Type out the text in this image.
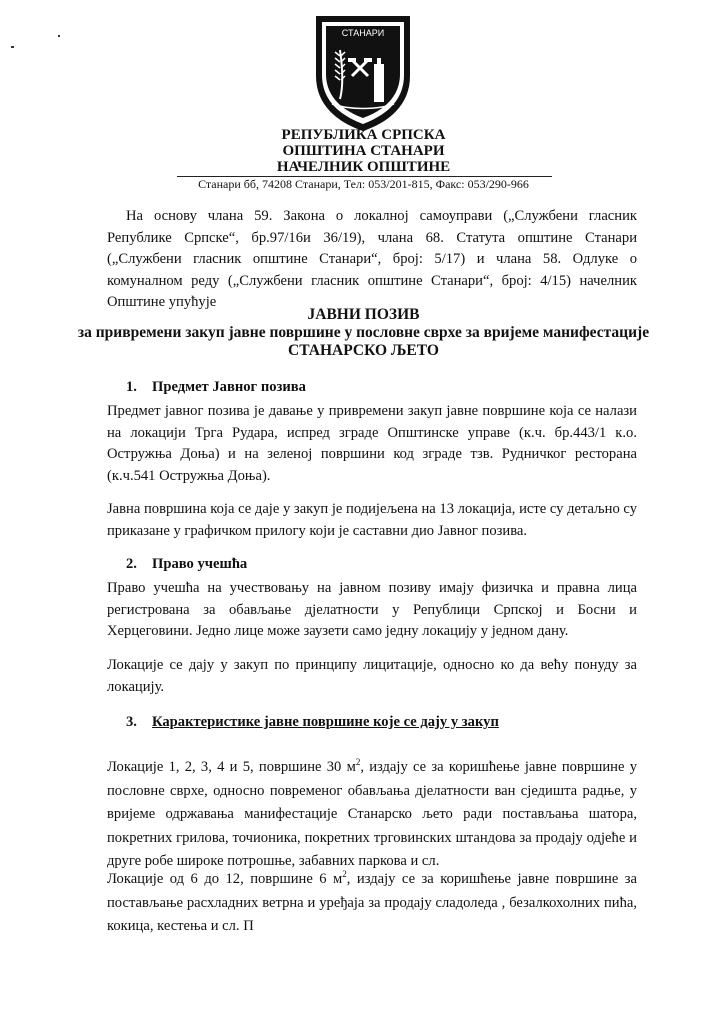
СТАНАРИ
РЕПУБЛИКА СРПСКА
ОПШТИНА СТАНАРИ
НАЧЕЛНИК ОПШТИНЕ
Станари бб, 74208 Станари, Тел: 053/201-815, Факс: 053/290-966
На основу члана 59. Закона о локалној самоуправи („Службени гласник Републике Српске“, бр.97/16и 36/19), члана 68. Статута општине Станари („Службени гласник општине Станари“, број: 5/17) и члана 58. Одлуке о комуналном реду („Службени гласник општине Станари“, број: 4/15) начелник Општине упућује
ЈАВНИ ПОЗИВ
за привремени закуп јавне површине у пословне сврхе за вријеме манифестације
СТАНАРСКО ЉЕТО
1. Предмет Јавног позива
Предмет јавног позива је давање у привремени закуп јавне површине која се налази на локацији Трга Рудара, испред зграде Општинске управе (к.ч. бр.443/1 к.о. Остружња Доња) и на зеленој површини код зграде тзв. Рудничког ресторана (к.ч.541 Остружња Доња).
Јавна површина која се даје у закуп је подијељена на 13 локација, исте су детаљно су приказане у графичком прилогу који је саставни дио Јавног позива.
2. Право учешћа
Право учешћа на учествовању на јавном позиву имају физичка и правна лица регистрована за обављање дјелатности у Републици Српској и Босни и Херцеговини. Једно лице може заузети само једну локацију у једном дану.
Локације се дају у закуп по принципу лицитације, односно ко да већу понуду за локацију.
3. Карактеристике јавне површине које се дају у закуп
Локације 1, 2, 3, 4 и 5, површине 30 $м^2$, издају се за коришћење јавне површине у пословне сврхе, односно повременог обављања дјелатности ван сједишта радње, у вријеме одржавања манифестације Станарско љето ради постављања шатора, покретних грилова, точионика, покретних трговинских штандова за продају одјеће и друге робе широке потрошње, забавних паркова и сл.
Локације од 6 до 12, површине 6 $м^2$, издају се за коришћење јавне површине за постављање расхладних ветрна и уређаја за продају сладоледа , безалкохолних пића, кокица, кестења и сл. П
